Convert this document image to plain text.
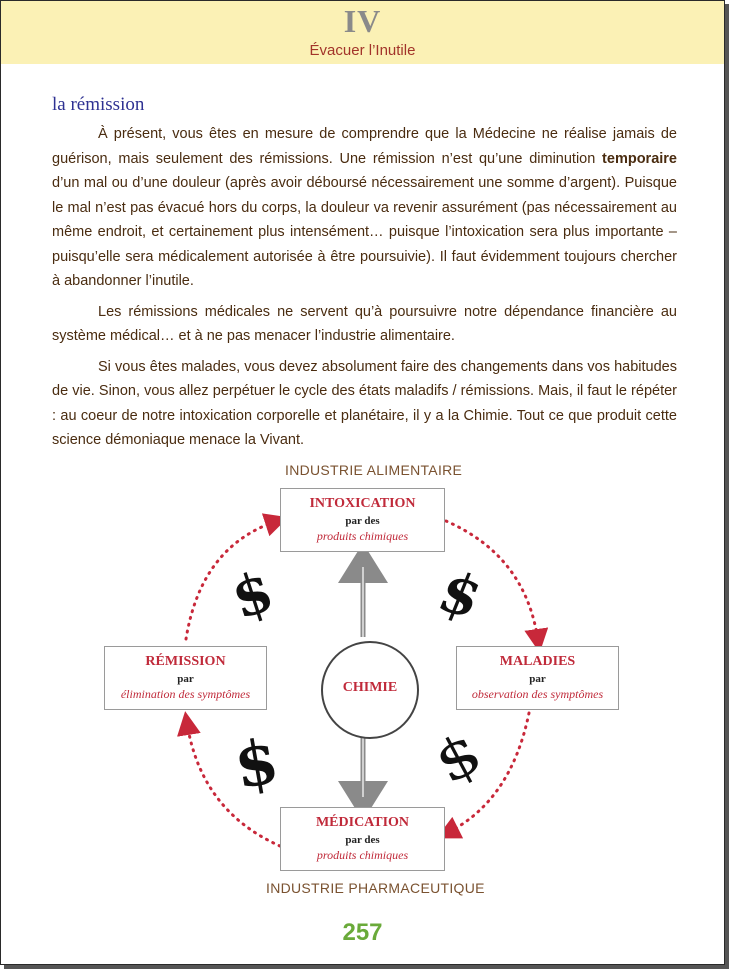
IV
Évacuer l’Inutile
la rémission

À présent, vous êtes en mesure de comprendre que la Médecine ne réalise jamais de guérison, mais seulement des rémissions. Une rémission n’est qu’une diminution temporaire d’un mal ou d’une douleur (après avoir déboursé nécessairement une somme d’argent). Puisque le mal n’est pas évacué hors du corps, la douleur va revenir assurément (pas nécessairement au même endroit, et certainement plus intensément… puisque l’intoxication sera plus importante – puisqu’elle sera médicalement autorisée à être poursuivie). Il faut évidemment toujours chercher à abandonner l’inutile.

Les rémissions médicales ne servent qu’à poursuivre notre dépendance financière au système médical… et à ne pas menacer l’industrie alimentaire.

Si vous êtes malades, vous devez absolument faire des changements dans vos habitudes de vie. Sinon, vous allez perpétuer le cycle des états maladifs / rémissions. Mais, il faut le répéter : au coeur de notre intoxication corporelle et planétaire, il y a la Chimie. Tout ce que produit cette science démoniaque menace la Vivant.

INDUSTRIE ALIMENTAIRE
INTOXICATION
par des
produits chimiques
MALADIES
par
observation des symptômes
MÉDICATION
par des
produits chimiques
RÉMISSION
par
élimination des symptômes	CHIMIE
$	$
$	$
INDUSTRIE PHARMACEUTIQUE
257
